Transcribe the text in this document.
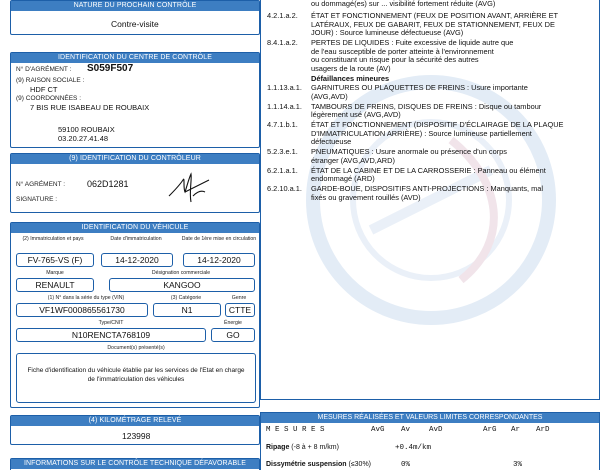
NATURE DU PROCHAIN CONTRÔLE
Contre-visite
IDENTIFICATION DU CENTRE DE CONTRÔLE
N° D'AGRÉMENT : S059F507
(9) RAISON SOCIALE :
HDF CT
(9) COORDONNÉES :
7 BIS RUE ISABEAU DE ROUBAIX
59100 ROUBAIX
03.20.27.41.48
(9) IDENTIFICATION DU CONTRÔLEUR
N° AGRÉMENT : 062D1281
SIGNATURE :
IDENTIFICATION DU VÉHICULE
(2) Immatriculation et pays	Date d'immatriculation	Date de 1ère mise en circulation
FV-765-VS (F)	14-12-2020	14-12-2020
Marque	Désignation commerciale
RENAULT	KANGOO
(1) N° dans la série du type (VIN)	(3) Catégorie	Genre
VF1WF000865561730	N1	CTTE
Type/CNIT	Énergie
N10RENCTA768109	GO
Document(s) présenté(s)
Fiche d'identification du véhicule établie par les services de l'Etat en charge de l'immatriculation des véhicules
(4) KILOMÉTRAGE RELEVÉ
123998
INFORMATIONS SUR LE CONTRÔLE TECHNIQUE DÉFAVORABLE
ou dommagé(es) sur ... visibilité fortement réduite (AVG)
4.2.1.a.2.	ÉTAT ET FONCTIONNEMENT (FEUX DE POSITION AVANT, ARRIÈRE ET
LATÉRAUX, FEUX DE GABARIT, FEUX DE STATIONNEMENT, FEUX DE
JOUR) : Source lumineuse défectueuse (AVG)
8.4.1.a.2.	PERTES DE LIQUIDES : Fuite excessive de liquide autre que
de l'eau susceptible de porter atteinte à l'environnement
ou constituant un risque pour la sécurité des autres
usagers de la route (AV)
Défaillances mineures
1.1.13.a.1.	GARNITURES OU PLAQUETTES DE FREINS : Usure importante
(AVG,AVD)
1.1.14.a.1.	TAMBOURS DE FREINS, DISQUES DE FREINS : Disque ou tambour
légèrement usé (AVG,AVD)
4.7.1.b.1.	ÉTAT ET FONCTIONNEMENT (DISPOSITIF D'ÉCLAIRAGE DE LA PLAQUE
D'IMMATRICULATION ARRIÈRE) : Source lumineuse partiellement
défectueuse
5.2.3.e.1.	PNEUMATIQUES : Usure anormale ou présence d'un corps
étranger (AVG,AVD,ARD)
6.2.1.a.1.	ÉTAT DE LA CABINE ET DE LA CARROSSERIE : Panneau ou élément
endommagé (ARD)
6.2.10.a.1.	GARDE-BOUE, DISPOSITIFS ANTI-PROJECTIONS : Manquants, mal
fixés ou gravement rouillés (AVD)
MESURES RÉALISÉES ET VALEURS LIMITES CORRESPONDANTES
M E S U R E S	AvG Av	AvD	ArG Ar ArD
Ripage (-8 à + 8 m/km)	+0.4m/km
Dissymétrie suspension (≤30%)	0%	3%
